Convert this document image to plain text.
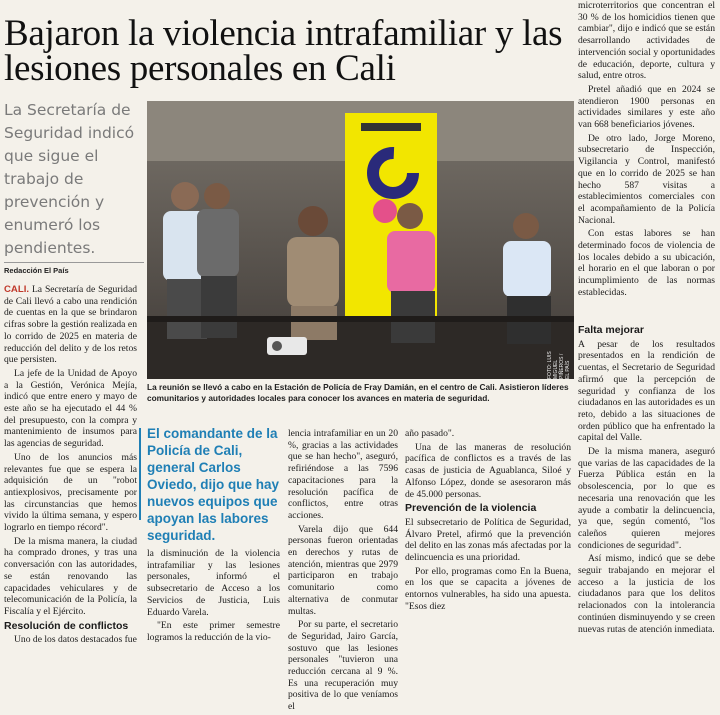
Bajaron la violencia intrafamiliar y las lesiones personales en Cali
La Secretaría de Seguridad indicó que sigue el trabajo de prevención y enumeró los pendientes.
Redacción El País

CALI. La Secretaría de Seguridad de Cali llevó a cabo una rendición de cuentas en la que se brindaron cifras sobre la gestión realizada en lo corrido de 2025 en materia de reducción del delito y de los retos que persisten.

La jefe de la Unidad de Apoyo a la Gestión, Verónica Mejía, indicó que entre enero y mayo de este año se ha ejecutado el 44 % del presupuesto, con la compra y mantenimiento de insumos para las agencias de seguridad.

Uno de los anuncios más relevantes fue que se espera la adquisición de un "robot antiexplosivos, precisamente por las circunstancias que hemos vivido la última semana, y espero lograrlo en tiempo récord".

De la misma manera, la ciudad ha comprado drones, y tras una conversación con las autoridades, se están renovando las capacidades vehiculares y de telecomunicación de la Policía, la Fiscalía y el Ejército.

Resolución de conflictos

Uno de los datos destacados fue

FOTO: LUIS MIGUEL PIÑEROS / EL PAÍS
La reunión se llevó a cabo en la Estación de Policía de Fray Damián, en el centro de Cali. Asistieron líderes comunitarios y autoridades locales para conocer los avances en materia de seguridad.
El comandante de la Policía de Cali, general Carlos Oviedo, dijo que hay nuevos equipos que apoyan las labores seguridad.

la disminución de la violencia intrafamiliar y las lesiones personales, informó el subsecretario de Acceso a los Servicios de Justicia, Luis Eduardo Varela.

"En este primer semestre logramos la reducción de la vio-

lencia intrafamiliar en un 20 %, gracias a las actividades que se han hecho", aseguró, refiriéndose a las 7596 capacitaciones para la resolución pacífica de conflictos, entre otras acciones.

Varela dijo que 644 personas fueron orientadas en derechos y rutas de atención, mientras que 2979 participaron en trabajo comunitario como alternativa de conmutar multas.

Por su parte, el secretario de Seguridad, Jairo García, sostuvo que las lesiones personales "tuvieron una reducción cercana al 9 %. Es una recuperación muy positiva de lo que veníamos el

microterritorios que concentran el 30 % de los homicidios tienen que cambiar", dijo e indicó que se están desarrollando actividades de intervención social y oportunidades de educación, deporte, cultura y salud, entre otros.

Pretel añadió que en 2024 se atendieron 1900 personas en actividades similares y este año van 668 beneficiarios jóvenes.

De otro lado, Jorge Moreno, subsecretario de Inspección, Vigilancia y Control, manifestó que en lo corrido de 2025 se han hecho 587 visitas a establecimientos comerciales con el acompañamiento de la Policía Nacional.

Con estas labores se han determinado focos de violencia de los locales debido a su ubicación, el horario en el que laboran o por incumplimiento de las normas establecidas.

año pasado".

Una de las maneras de resolución pacífica de conflictos es a través de las casas de justicia de Aguablanca, Siloé y Alfonso López, donde se asesoraron más de 45.000 personas.

Prevención de la violencia

El subsecretario de Política de Seguridad, Álvaro Pretel, afirmó que la prevención del delito en las zonas más afectadas por la delincuencia es una prioridad.

Por ello, programas como En la Buena, en los que se capacita a jóvenes de entornos vulnerables, ha sido una apuesta. "Esos diez

Falta mejorar

A pesar de los resultados presentados en la rendición de cuentas, el Secretario de Seguridad afirmó que la percepción de seguridad y confianza de los ciudadanos en las autoridades es un reto, debido a las situaciones de orden público que ha enfrentado la capital del Valle.

De la misma manera, aseguró que varias de las capacidades de la Fuerza Pública están en la obsolescencia, por lo que es necesaria una renovación que les ayude a combatir la delincuencia, ya que, según comentó, "los caleños quieren mejores condiciones de seguridad".

Así mismo, indicó que se debe seguir trabajando en mejorar el acceso a la justicia de los ciudadanos para que los delitos relacionados con la intolerancia continúen disminuyendo y se creen nuevas rutas de atención inmediata.
